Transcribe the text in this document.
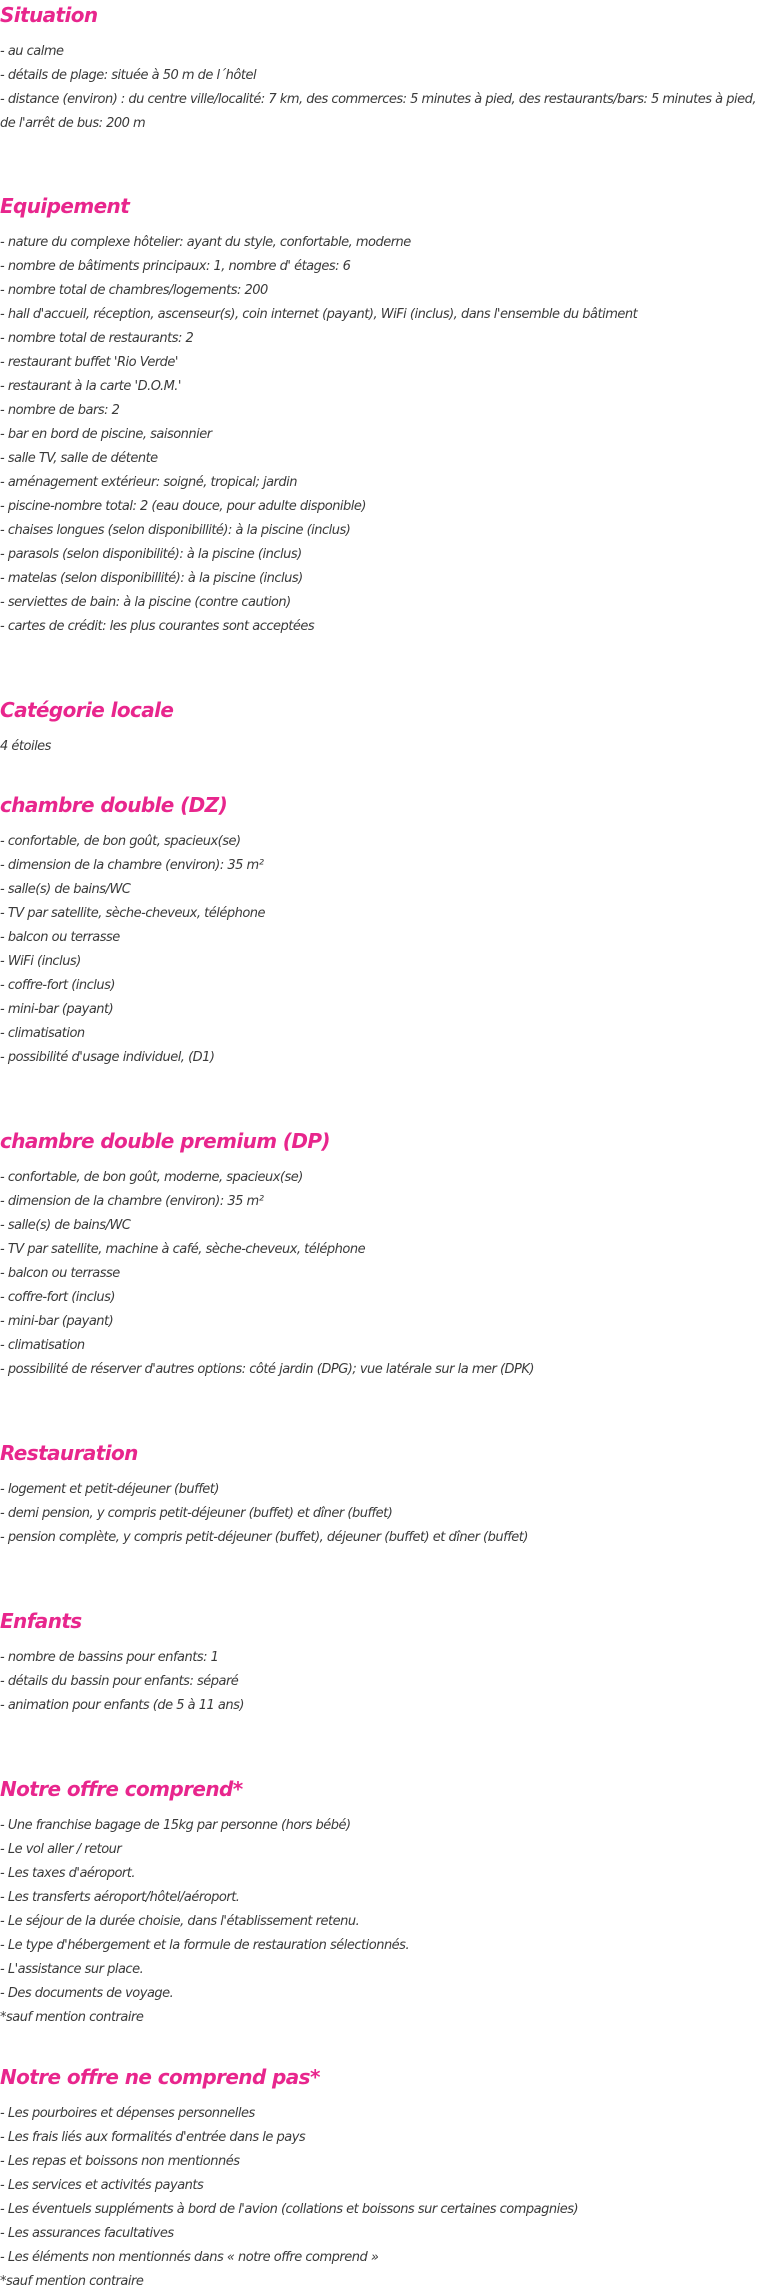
Situation
- au calme
- détails de plage: située à 50 m de l´hôtel
- distance (environ) : du centre ville/localité: 7 km, des commerces: 5 minutes à pied, des restaurants/bars: 5 minutes à pied, de l'arrêt de bus: 200 m
Equipement
- nature du complexe hôtelier: ayant du style, confortable, moderne
- nombre de bâtiments principaux: 1, nombre d' étages: 6
- nombre total de chambres/logements: 200
- hall d'accueil, réception, ascenseur(s), coin internet (payant), WiFi (inclus), dans l'ensemble du bâtiment
- nombre total de restaurants: 2
- restaurant buffet 'Rio Verde'
- restaurant à la carte 'D.O.M.'
- nombre de bars: 2
- bar en bord de piscine, saisonnier
- salle TV, salle de détente
- aménagement extérieur: soigné, tropical; jardin
- piscine-nombre total: 2 (eau douce, pour adulte disponible)
- chaises longues (selon disponibillité): à la piscine (inclus)
- parasols (selon disponibilité): à la piscine (inclus)
- matelas (selon disponibillité): à la piscine (inclus)
- serviettes de bain: à la piscine (contre caution)
- cartes de crédit: les plus courantes sont acceptées
Catégorie locale

4 étoiles

chambre double (DZ)
- confortable, de bon goût, spacieux(se)
- dimension de la chambre (environ): 35 m²
- salle(s) de bains/WC
- TV par satellite, sèche-cheveux, téléphone
- balcon ou terrasse
- WiFi (inclus)
- coffre-fort (inclus)
- mini-bar (payant)
- climatisation
- possibilité d'usage individuel, (D1)
chambre double premium (DP)
- confortable, de bon goût, moderne, spacieux(se)
- dimension de la chambre (environ): 35 m²
- salle(s) de bains/WC
- TV par satellite, machine à café, sèche-cheveux, téléphone
- balcon ou terrasse
- coffre-fort (inclus)
- mini-bar (payant)
- climatisation
- possibilité de réserver d'autres options: côté jardin (DPG); vue latérale sur la mer (DPK)
Restauration
- logement et petit-déjeuner (buffet)
- demi pension, y compris petit-déjeuner (buffet) et dîner (buffet)
- pension complète, y compris petit-déjeuner (buffet), déjeuner (buffet) et dîner (buffet)
Enfants
- nombre de bassins pour enfants: 1
- détails du bassin pour enfants: séparé
- animation pour enfants (de 5 à 11 ans)
Notre offre comprend*
- Une franchise bagage de 15kg par personne (hors bébé)
- Le vol aller / retour
- Les taxes d'aéroport.
- Les transferts aéroport/hôtel/aéroport.
- Le séjour de la durée choisie, dans l'établissement retenu.
- Le type d'hébergement et la formule de restauration sélectionnés.
- L'assistance sur place.
- Des documents de voyage.
*sauf mention contraire
Notre offre ne comprend pas*
- Les pourboires et dépenses personnelles
- Les frais liés aux formalités d'entrée dans le pays
- Les repas et boissons non mentionnés
- Les services et activités payants
- Les éventuels suppléments à bord de l'avion (collations et boissons sur certaines compagnies)
- Les assurances facultatives
- Les éléments non mentionnés dans « notre offre comprend »
*sauf mention contraire
